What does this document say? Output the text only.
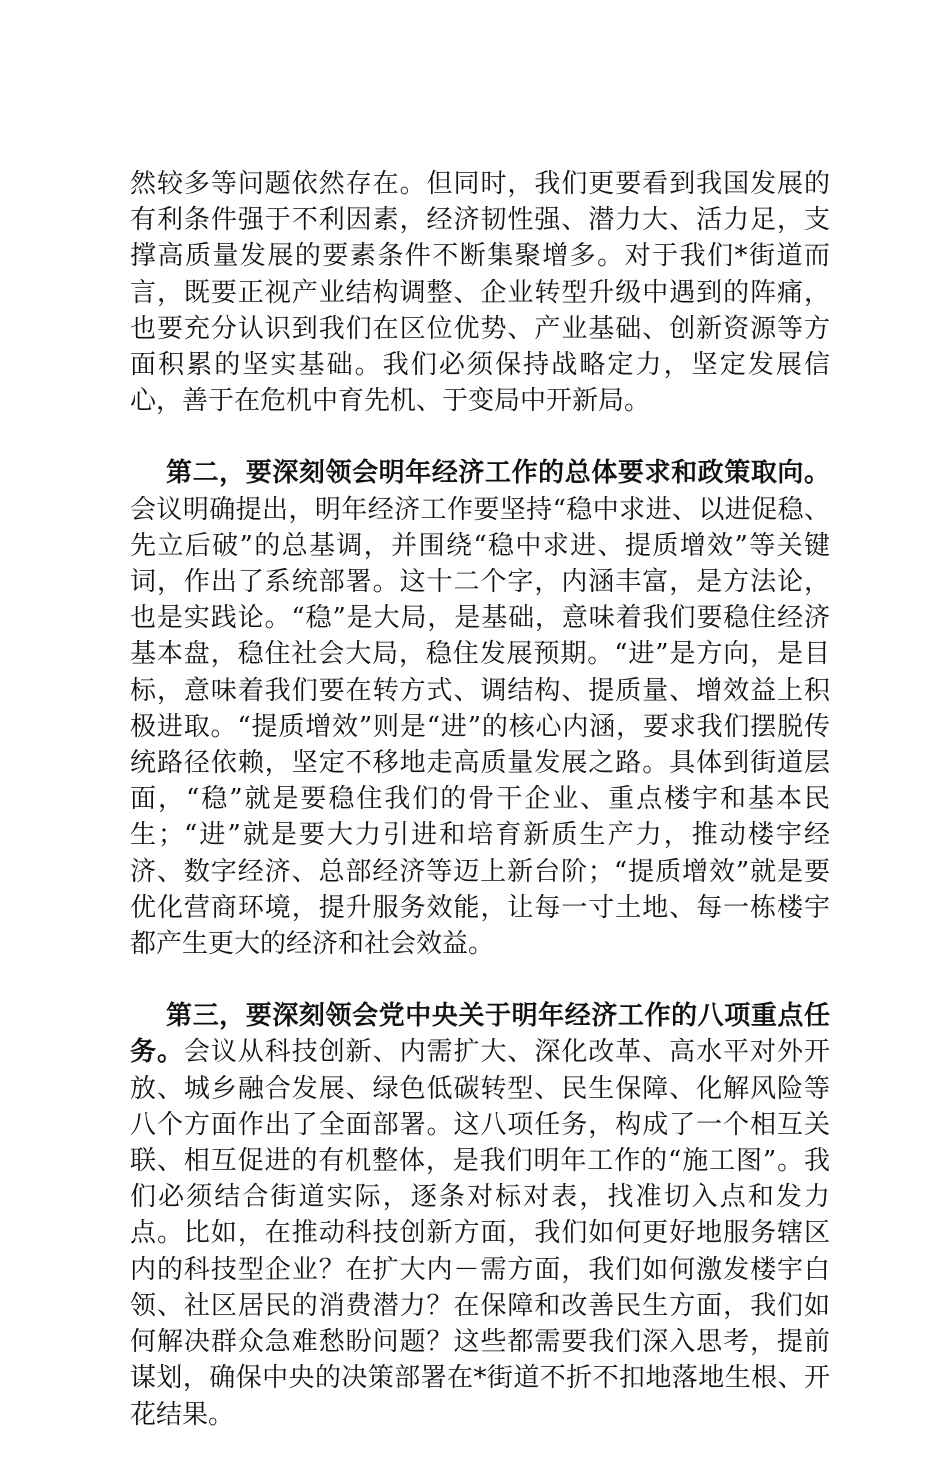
然较多等问题依然存在。但同时，我们更要看到我国发展的有利条件强于不利因素，经济韧性强、潜力大、活力足，支撑高质量发展的要素条件不断集聚增多。对于我们*街道而言，既要正视产业结构调整、企业转型升级中遇到的阵痛，也要充分认识到我们在区位优势、产业基础、创新资源等方面积累的坚实基础。我们必须保持战略定力，坚定发展信心，善于在危机中育先机、于变局中开新局。

第二，要深刻领会明年经济工作的总体要求和政策取向。会议明确提出，明年经济工作要坚持“稳中求进、以进促稳、先立后破”的总基调，并围绕“稳中求进、提质增效”等关键词，作出了系统部署。这十二个字，内涵丰富，是方法论，也是实践论。“稳”是大局，是基础，意味着我们要稳住经济基本盘，稳住社会大局，稳住发展预期。“进”是方向，是目标，意味着我们要在转方式、调结构、提质量、增效益上积极进取。“提质增效”则是“进”的核心内涵，要求我们摆脱传统路径依赖，坚定不移地走高质量发展之路。具体到街道层面，“稳”就是要稳住我们的骨干企业、重点楼宇和基本民生；“进”就是要大力引进和培育新质生产力，推动楼宇经济、数字经济、总部经济等迈上新台阶；“提质增效”就是要优化营商环境，提升服务效能，让每一寸土地、每一栋楼宇都产生更大的经济和社会效益。

第三，要深刻领会党中央关于明年经济工作的八项重点任务。会议从科技创新、内需扩大、深化改革、高水平对外开放、城乡融合发展、绿色低碳转型、民生保障、化解风险等八个方面作出了全面部署。这八项任务，构成了一个相互关联、相互促进的有机整体，是我们明年工作的“施工图”。我们必须结合街道实际，逐条对标对表，找准切入点和发力点。比如，在推动科技创新方面，我们如何更好地服务辖区内的科技型企业？在扩大内－需方面，我们如何激发楼宇白领、社区居民的消费潜力？在保障和改善民生方面，我们如何解决群众急难愁盼问题？这些都需要我们深入思考，提前谋划，确保中央的决策部署在*街道不折不扣地落地生根、开花结果。
